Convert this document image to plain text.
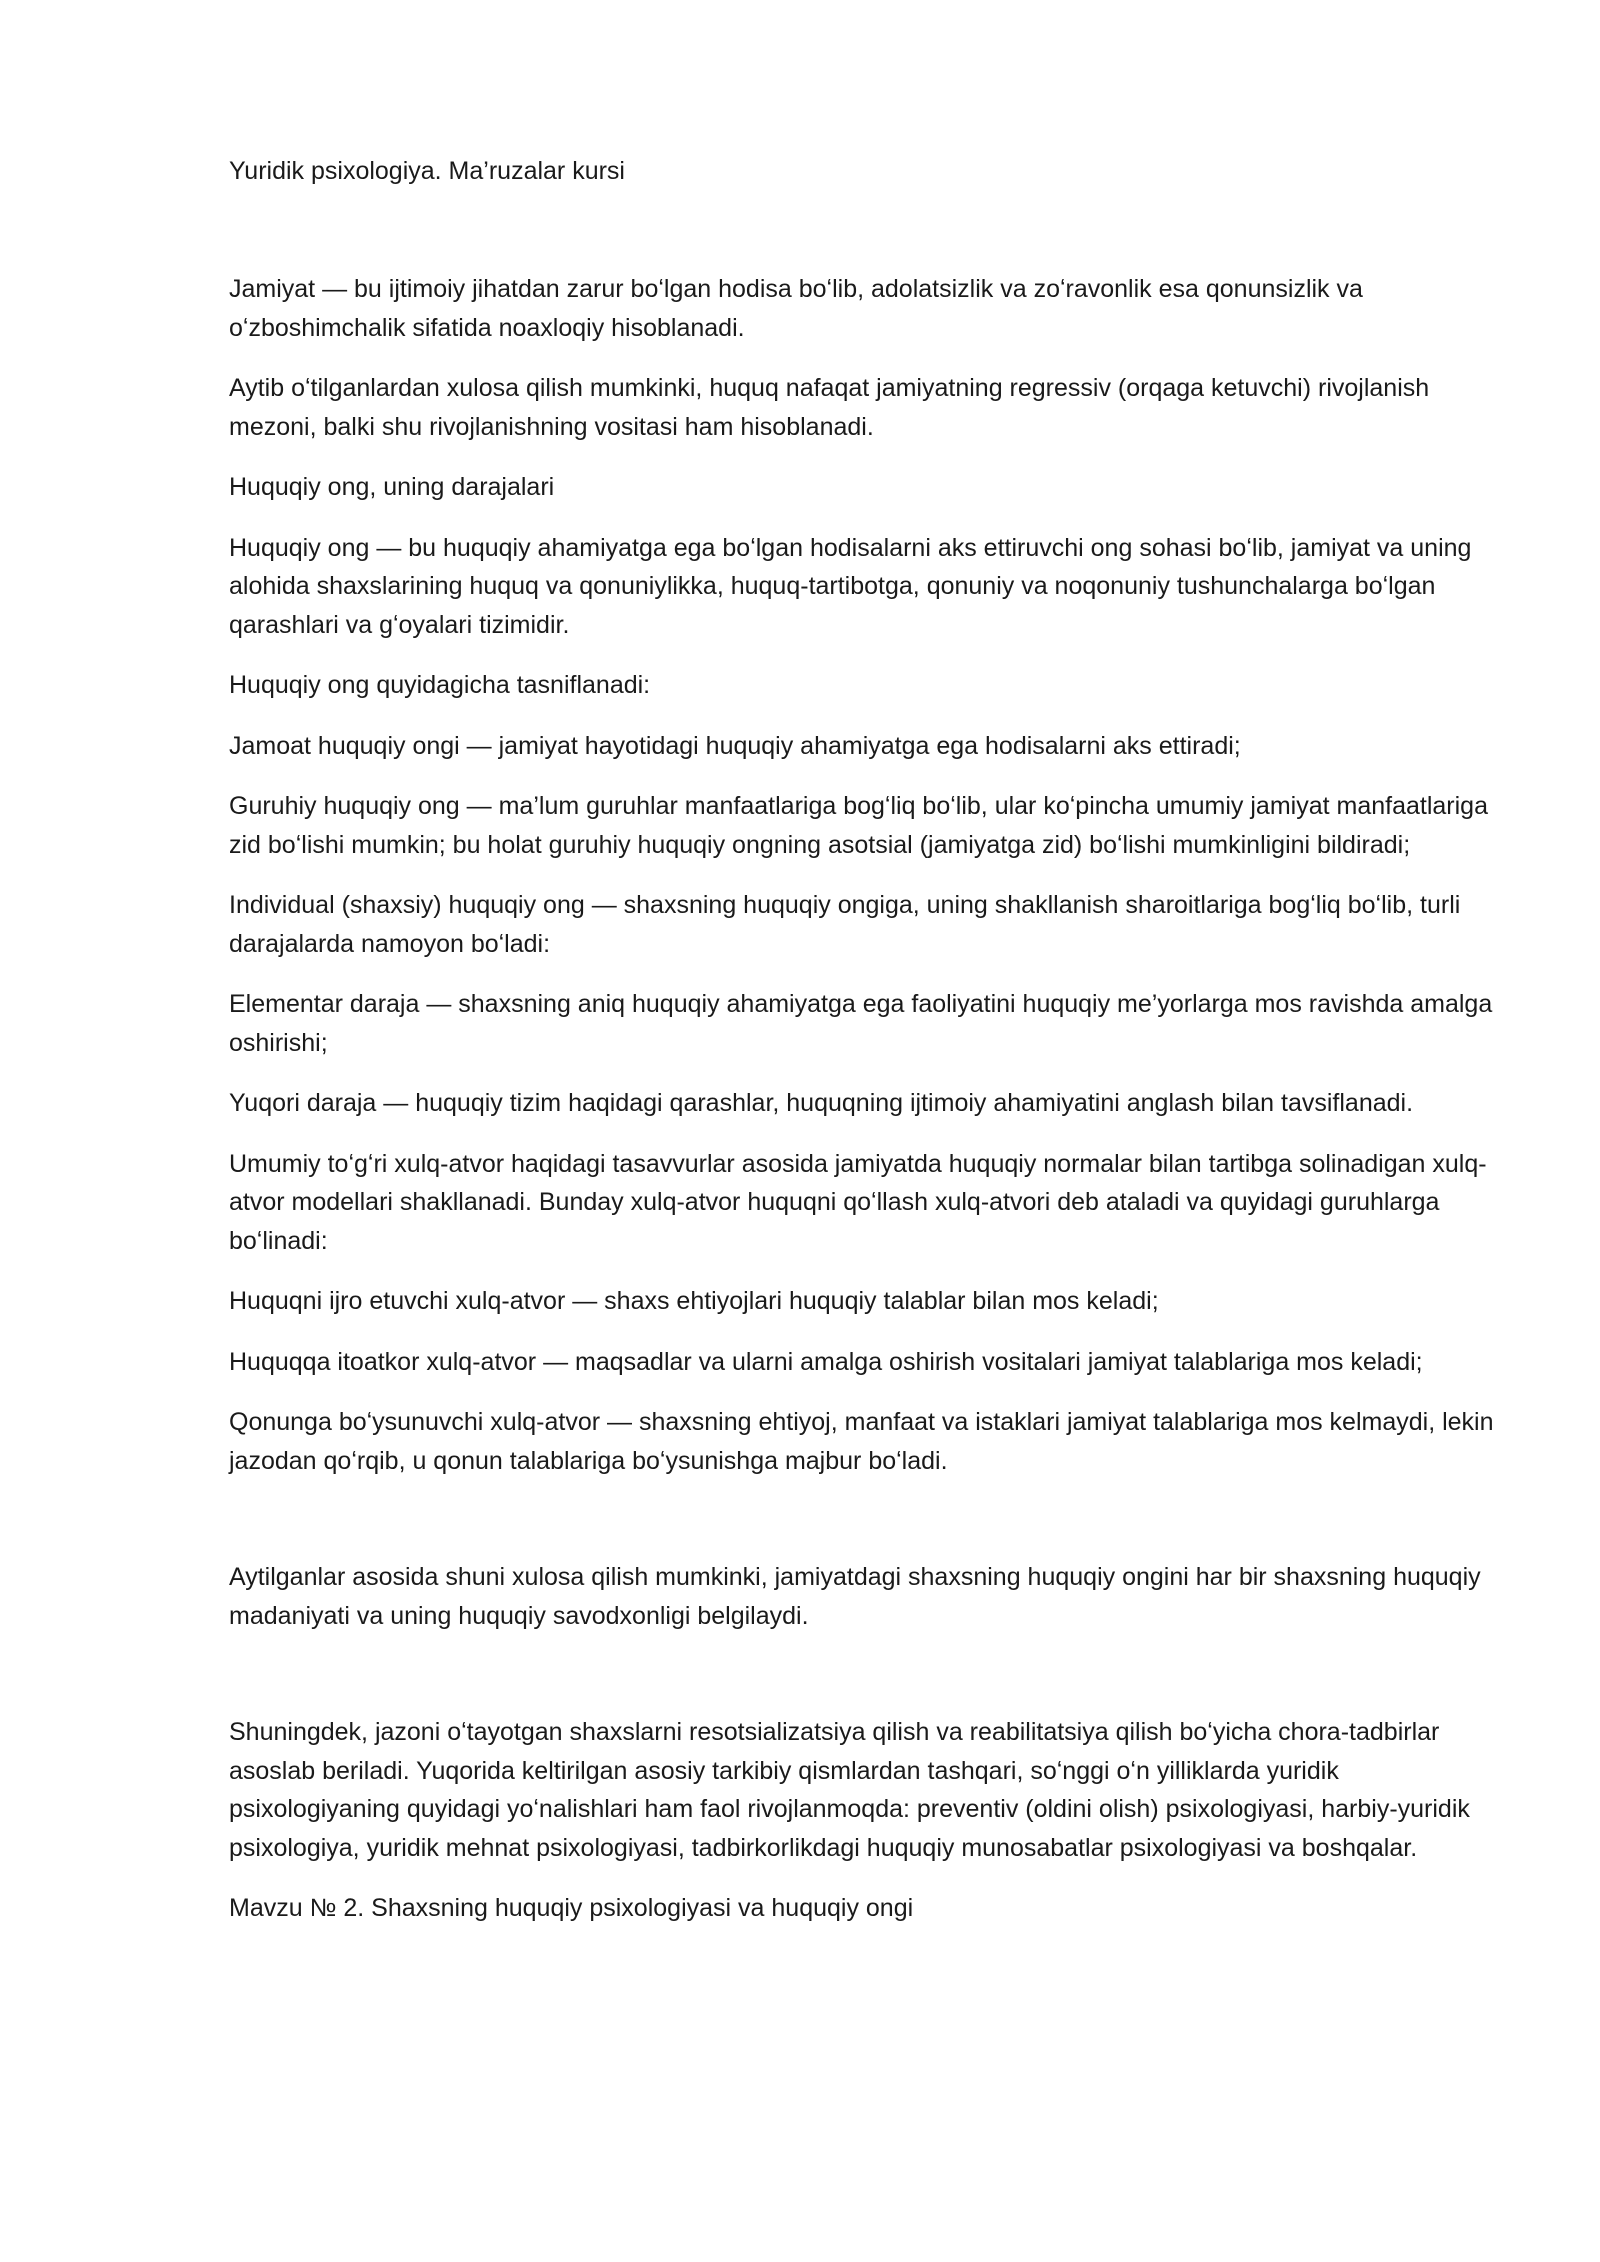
Yuridik psixologiya. Ma’ruzalar kursi

Jamiyat — bu ijtimoiy jihatdan zarur boʻlgan hodisa boʻlib, adolatsizlik va zoʻravonlik esa qonunsizlik va oʻzboshimchalik sifatida noaxloqiy hisoblanadi.

Aytib oʻtilganlardan xulosa qilish mumkinki, huquq nafaqat jamiyatning regressiv (orqaga ketuvchi) rivojlanish mezoni, balki shu rivojlanishning vositasi ham hisoblanadi.

Huquqiy ong, uning darajalari

Huquqiy ong — bu huquqiy ahamiyatga ega boʻlgan hodisalarni aks ettiruvchi ong sohasi boʻlib, jamiyat va uning alohida shaxslarining huquq va qonuniylikka, huquq-tartibotga, qonuniy va noqonuniy tushunchalarga boʻlgan qarashlari va gʻoyalari tizimidir.

Huquqiy ong quyidagicha tasniflanadi:

Jamoat huquqiy ongi — jamiyat hayotidagi huquqiy ahamiyatga ega hodisalarni aks ettiradi;

Guruhiy huquqiy ong — ma’lum guruhlar manfaatlariga bogʻliq boʻlib, ular koʻpincha umumiy jamiyat manfaatlariga zid boʻlishi mumkin; bu holat guruhiy huquqiy ongning asotsial (jamiyatga zid) boʻlishi mumkinligini bildiradi;

Individual (shaxsiy) huquqiy ong — shaxsning huquqiy ongiga, uning shakllanish sharoitlariga bogʻliq boʻlib, turli darajalarda namoyon boʻladi:

Elementar daraja — shaxsning aniq huquqiy ahamiyatga ega faoliyatini huquqiy me’yorlarga mos ravishda amalga oshirishi;

Yuqori daraja — huquqiy tizim haqidagi qarashlar, huquqning ijtimoiy ahamiyatini anglash bilan tavsiflanadi.

Umumiy toʻgʻri xulq-atvor haqidagi tasavvurlar asosida jamiyatda huquqiy normalar bilan tartibga solinadigan xulq-atvor modellari shakllanadi. Bunday xulq-atvor huquqni qoʻllash xulq-atvori deb ataladi va quyidagi guruhlarga boʻlinadi:

Huquqni ijro etuvchi xulq-atvor — shaxs ehtiyojlari huquqiy talablar bilan mos keladi;

Huquqqa itoatkor xulq-atvor — maqsadlar va ularni amalga oshirish vositalari jamiyat talablariga mos keladi;

Qonunga boʻysunuvchi xulq-atvor — shaxsning ehtiyoj, manfaat va istaklari jamiyat talablariga mos kelmaydi, lekin jazodan qoʻrqib, u qonun talablariga boʻysunishga majbur boʻladi.

Aytilganlar asosida shuni xulosa qilish mumkinki, jamiyatdagi shaxsning huquqiy ongini har bir shaxsning huquqiy madaniyati va uning huquqiy savodxonligi belgilaydi.

Shuningdek, jazoni oʻtayotgan shaxslarni resotsializatsiya qilish va reabilitatsiya qilish boʻyicha chora-tadbirlar asoslab beriladi. Yuqorida keltirilgan asosiy tarkibiy qismlardan tashqari, soʻnggi oʻn yilliklarda yuridik psixologiyaning quyidagi yoʻnalishlari ham faol rivojlanmoqda: preventiv (oldini olish) psixologiyasi, harbiy-yuridik psixologiya, yuridik mehnat psixologiyasi, tadbirkorlikdagi huquqiy munosabatlar psixologiyasi va boshqalar.

Mavzu № 2. Shaxsning huquqiy psixologiyasi va huquqiy ongi
